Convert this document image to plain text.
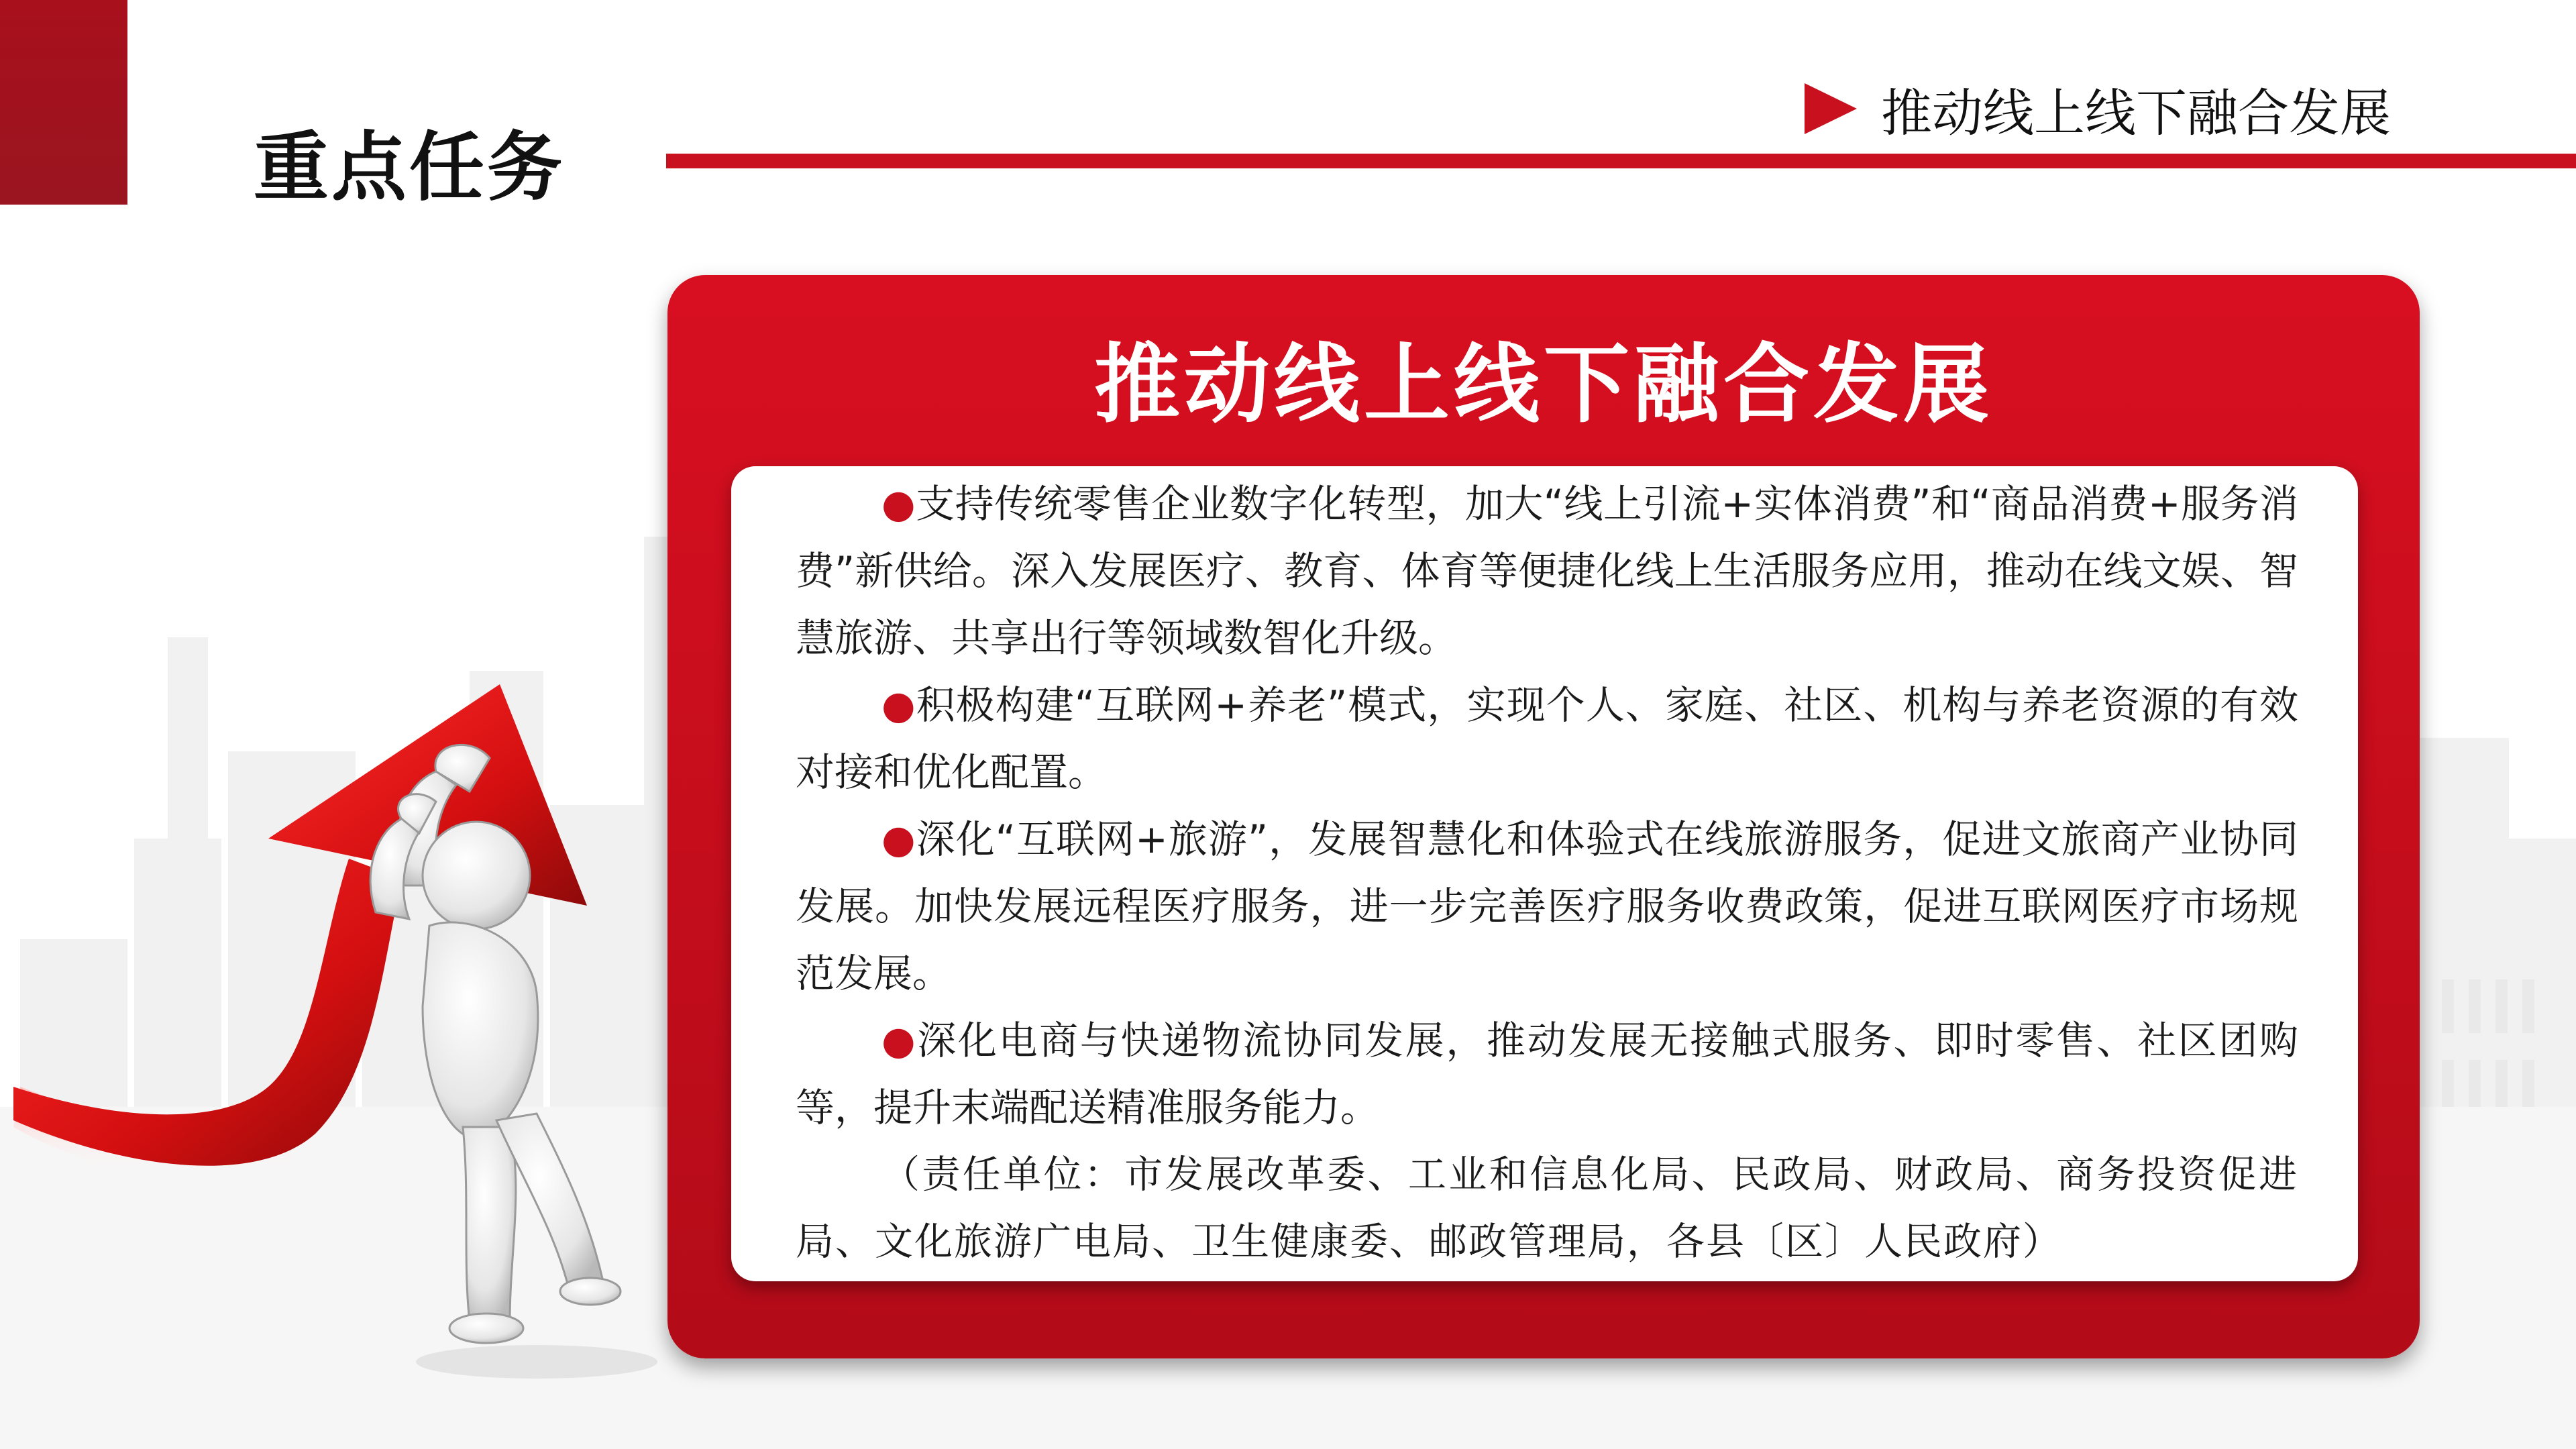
重点任务
推动线上线下融合发展
推动线上线下融合发展

●支持传统零售企业数字化转型，加大“线上引流+实体消费”和“商品消费+服务消费”新供给。深入发展医疗、教育、体育等便捷化线上生活服务应用，推动在线文娱、智慧旅游、共享出行等领域数智化升级。

●积极构建“互联网+养老”模式，实现个人、家庭、社区、机构与养老资源的有效对接和优化配置。

●深化“互联网+旅游”，发展智慧化和体验式在线旅游服务，促进文旅商产业协同发展。加快发展远程医疗服务，进一步完善医疗服务收费政策，促进互联网医疗市场规范发展。

●深化电商与快递物流协同发展，推动发展无接触式服务、即时零售、社区团购等，提升末端配送精准服务能力。

（责任单位：市发展改革委、工业和信息化局、民政局、财政局、商务投资促进局、文化旅游广电局、卫生健康委、邮政管理局，各县〔区〕人民政府）
